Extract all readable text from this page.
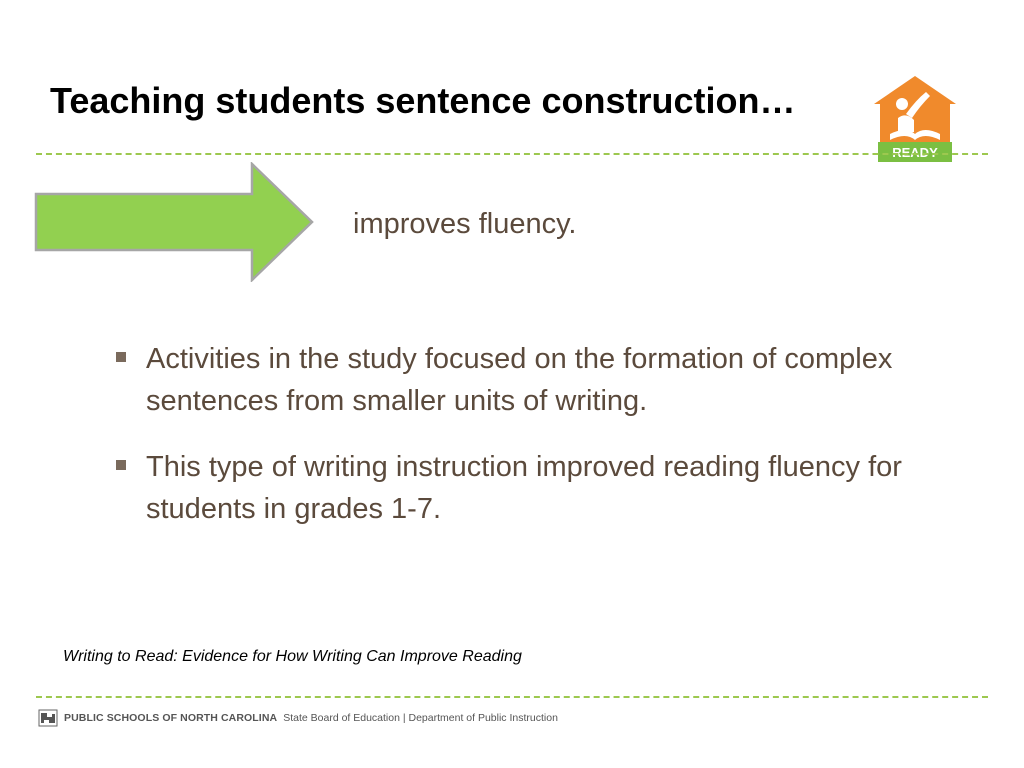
Teaching students sentence construction…
READY
improves fluency.
Activities in the study focused on the formation of complex sentences from smaller units of writing.
This type of writing instruction improved reading fluency for students in grades 1-7.
Writing to Read: Evidence for How Writing Can Improve Reading
PUBLIC SCHOOLS OF NORTH CAROLINA State Board of Education | Department of Public Instruction
